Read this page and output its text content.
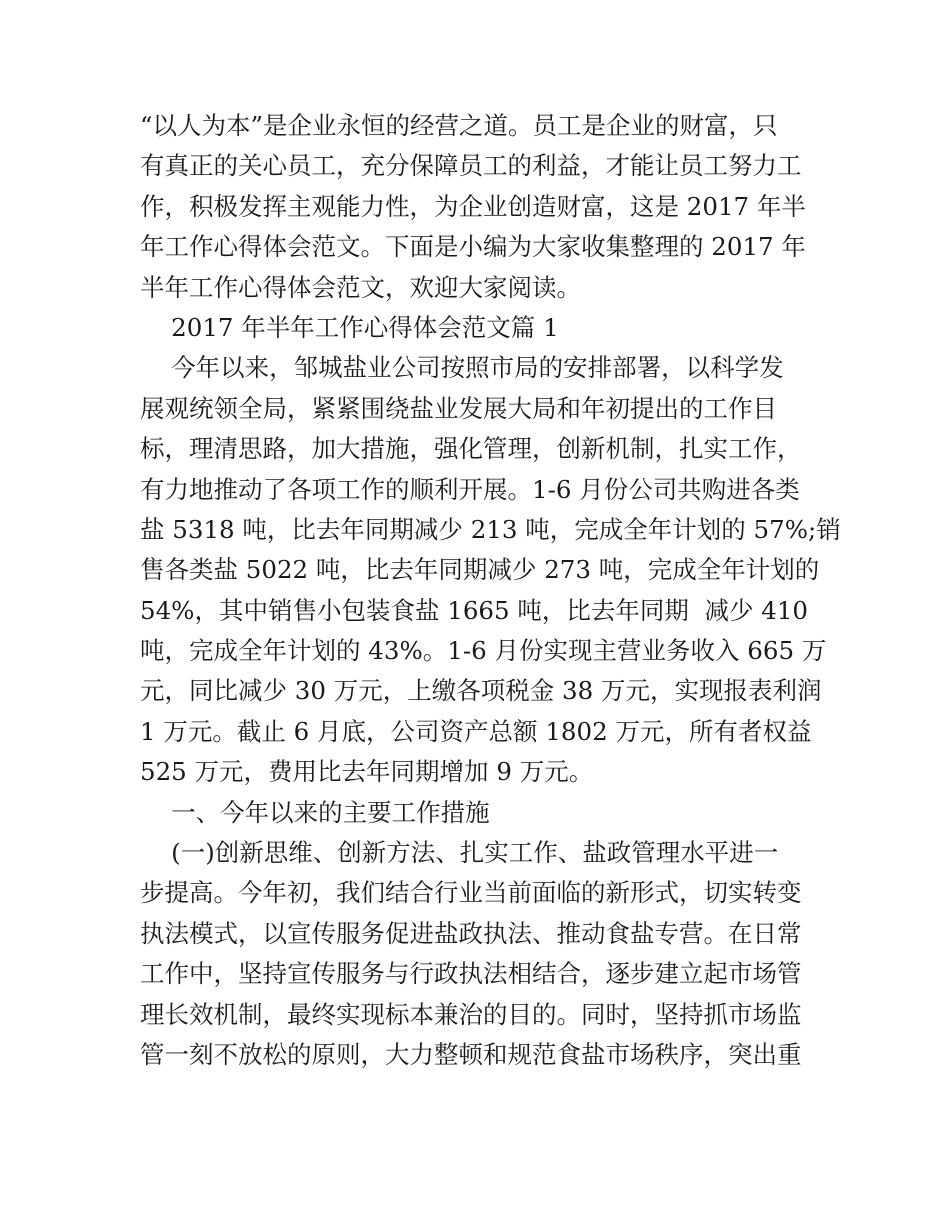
“以人为本”是企业永恒的经营之道。员工是企业的财富，只
有真正的关心员工，充分保障员工的利益，才能让员工努力工
作，积极发挥主观能力性，为企业创造财富，这是 2017 年半
年工作心得体会范文。下面是小编为大家收集整理的 2017 年
半年工作心得体会范文，欢迎大家阅读。
2017 年半年工作心得体会范文篇 1
今年以来，邹城盐业公司按照市局的安排部署，以科学发
展观统领全局，紧紧围绕盐业发展大局和年初提出的工作目
标，理清思路，加大措施，强化管理，创新机制，扎实工作，
有力地推动了各项工作的顺利开展。1-6 月份公司共购进各类
盐 5318 吨，比去年同期减少 213 吨，完成全年计划的 57%;销
售各类盐 5022 吨，比去年同期减少 273 吨，完成全年计划的
54%，其中销售小包装食盐 1665 吨，比去年同期  减少 410
吨，完成全年计划的 43%。1-6 月份实现主营业务收入 665 万
元，同比减少 30 万元，上缴各项税金 38 万元，实现报表利润
1 万元。截止 6 月底，公司资产总额 1802 万元，所有者权益
525 万元，费用比去年同期增加 9 万元。
一、今年以来的主要工作措施
(一)创新思维、创新方法、扎实工作、盐政管理水平进一
步提高。今年初，我们结合行业当前面临的新形式，切实转变
执法模式，以宣传服务促进盐政执法、推动食盐专营。在日常
工作中，坚持宣传服务与行政执法相结合，逐步建立起市场管
理长效机制，最终实现标本兼治的目的。同时，坚持抓市场监
管一刻不放松的原则，大力整顿和规范食盐市场秩序，突出重
